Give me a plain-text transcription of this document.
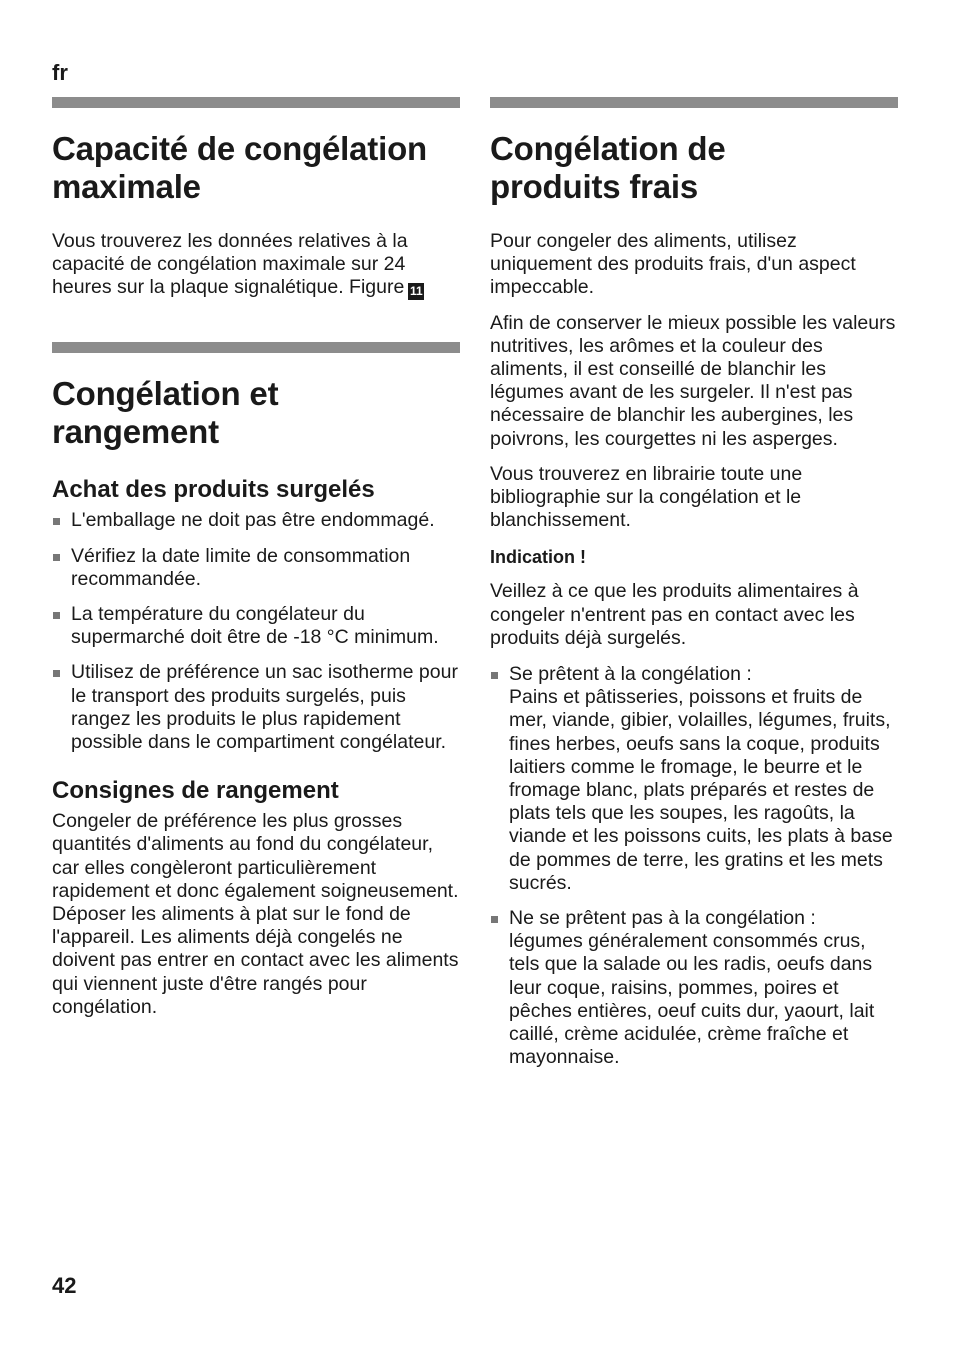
fr
Capacité de congélation maximale

Vous trouverez les données relatives à la capacité de congélation maximale sur 24 heures sur la plaque signalétique. Figure 11

Congélation et rangement
Achat des produits surgelés
L'emballage ne doit pas être endommagé.
Vérifiez la date limite de consommation recommandée.
La température du congélateur du supermarché doit être de -18 °C minimum.
Utilisez de préférence un sac isotherme pour le transport des produits surgelés, puis rangez les produits le plus rapidement possible dans le compartiment congélateur.
Consignes de rangement

Congeler de préférence les plus grosses quantités d'aliments au fond du congélateur, car elles congèleront particulièrement rapidement et donc également soigneusement. Déposer les aliments à plat sur le fond de l'appareil. Les aliments déjà congelés ne doivent pas entrer en contact avec les aliments qui viennent juste d'être rangés pour congélation.

Congélation de produits frais

Pour congeler des aliments, utilisez uniquement des produits frais, d'un aspect impeccable.

Afin de conserver le mieux possible les valeurs nutritives, les arômes et la couleur des aliments, il est conseillé de blanchir les légumes avant de les surgeler. Il n'est pas nécessaire de blanchir les aubergines, les poivrons, les courgettes ni les asperges.

Vous trouverez en librairie toute une bibliographie sur la congélation et le blanchissement.

Indication !

Veillez à ce que les produits alimentaires à congeler n'entrent pas en contact avec les produits déjà surgelés.

Se prêtent à la congélation :
Pains et pâtisseries, poissons et fruits de mer, viande, gibier, volailles, légumes, fruits, fines herbes, oeufs sans la coque, produits laitiers comme le fromage, le beurre et le fromage blanc, plats préparés et restes de plats tels que les soupes, les ragoûts, la viande et les poissons cuits, les plats à base de pommes de terre, les gratins et les mets sucrés.
Ne se prêtent pas à la congélation :
légumes généralement consommés crus, tels que la salade ou les radis, oeufs dans leur coque, raisins, pommes, poires et pêches entières, oeuf cuits dur, yaourt, lait caillé, crème acidulée, crème fraîche et mayonnaise.
42
